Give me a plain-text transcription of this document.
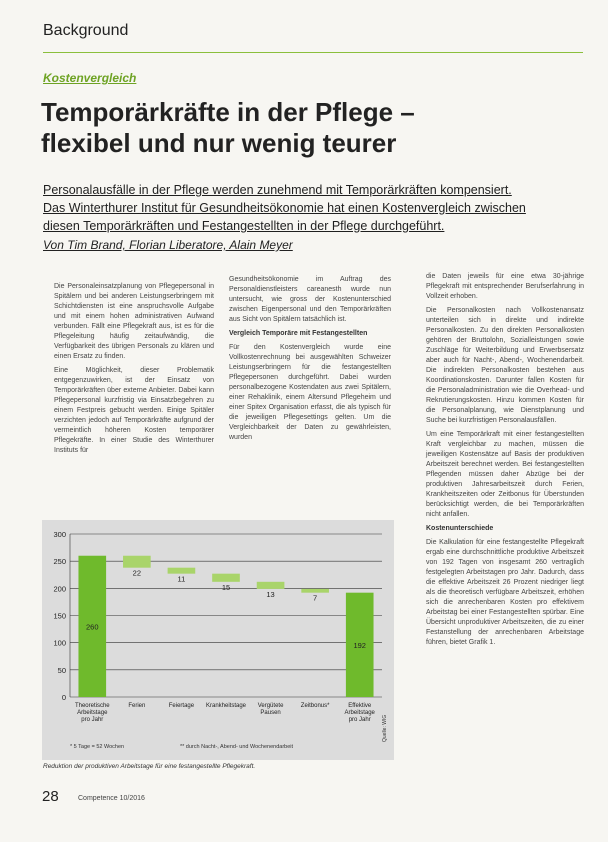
Background
Kostenvergleich
Temporärkräfte in der Pflege –
flexibel und nur wenig teurer

Personalausfälle in der Pflege werden zunehmend mit Temporärkräften kompensiert.
Das Winterthurer Institut für Gesundheitsökonomie hat einen Kostenvergleich zwischen
diesen Temporärkräften und Festangestellten in der Pflege durchgeführt.

Von Tim Brand, Florian Liberatore, Alain Meyer

Die Personaleinsatzplanung von Pflegepersonal in Spitälern und bei anderen Leistungserbringern mit Schichtdiensten ist eine anspruchsvolle Aufgabe und mit einem hohen administrativen Aufwand verbunden. Fällt eine Pflegekraft aus, ist es für die Pflegeleitung häufig zeitaufwändig, die Verfügbarkeit des übrigen Personals zu klären und einen Ersatz zu finden.

Eine Möglichkeit, dieser Problematik entgegenzuwirken, ist der Einsatz von Temporärkräften über externe Anbieter. Dabei kann Pflegepersonal kurzfristig via Einsatzbegehren zu einem Festpreis gebucht werden. Einige Spitäler verzichten jedoch auf Temporärkräfte aufgrund der vermeintlich höheren Kosten temporärer Pflegekräfte. In einer Studie des Winterthurer Instituts für

Gesundheitsökonomie im Auftrag des Personaldienstleisters careanesth wurde nun untersucht, wie gross der Kostenunterschied zwischen Eigenpersonal und den Temporärkräften aus Sicht von Spitälern tatsächlich ist.

Vergleich Temporäre mit Festangestellten

Für den Kostenvergleich wurde eine Vollkostenrechnung bei ausgewählten Schweizer Leistungserbringern für die festangestellten Pflegepersonen durchgeführt. Dabei wurden personalbezogene Kostendaten aus zwei Spitälern, einer Rehaklinik, einem Altersund Pflegeheim und einer Spitex Organisation erfasst, die als typisch für die jeweiligen Pflegesettings gelten. Um die Vergleichbarkeit der Daten zu gewährleisten, wurden

die Daten jeweils für eine etwa 30-jährige Pflegekraft mit entsprechender Berufserfahrung in Vollzeit erhoben.

Die Personalkosten nach Vollkostenansatz unterteilen sich in direkte und indirekte Personalkosten. Zu den direkten Personalkosten gehören der Bruttolohn, Sozialleistungen sowie Zuschläge für Weiterbildung und Erwerbsersatz aber auch für Nacht-, Abend-, Wochenendarbeit. Die indirekten Personalkosten bestehen aus Koordinationskosten. Darunter fallen Kosten für die Personaladministration wie die Overhead- und Rekrutierungskosten. Hinzu kommen Kosten für die Personalplanung, wie Dienstplanung und Suche bei kurzfristigen Personalausfällen.

Um eine Temporärkraft mit einer festangestellten Kraft vergleichbar zu machen, müssen die jeweiligen Kostensätze auf Basis der produktiven Arbeitszeit berechnet werden. Bei festangestellten Pflegenden müssen daher Abzüge bei der produktiven Jahresarbeitszeit durch Ferien, Krankheitszeiten oder Zeitbonus für Überstunden berücksichtigt werden, die bei Temporärkräften nicht anfallen.

Kostenunterschiede

Die Kalkulation für eine festangestellte Pflegekraft ergab eine durchschnittliche produktive Arbeitszeit von 192 Tagen von insgesamt 260 vertraglich festgelegten Arbeitstagen pro Jahr. Dadurch, dass die effektive Arbeitszeit 26 Prozent niedriger liegt als die theoretisch verfügbare Arbeitszeit, erhöhen sich die anrechenbaren Kosten pro effektivem Arbeitstag bei einer Festangestellten spürbar. Eine Übersicht unproduktiver Arbeitszeiten, die zu einer Festanstellung der anrechenbaren Arbeitstage führen, bietet Grafik 1.

0
50
100
150
200
250
300
260
22
11
15
13	7
192
Theoretische Arbeitstage pro Jahr
Ferien	Feiertage Krankheitstage Vergütete Pausen
Zeitbonus*	Effektive Arbeitstage pro Jahr
* 5 Tage = 52 Wochen	** durch Nacht-, Abend- und Wochenendarbeit
Quelle: WIG
Reduktion der produktiven Arbeitstage für eine festangestellte Pflegekraft.
28	Competence 10/2016
